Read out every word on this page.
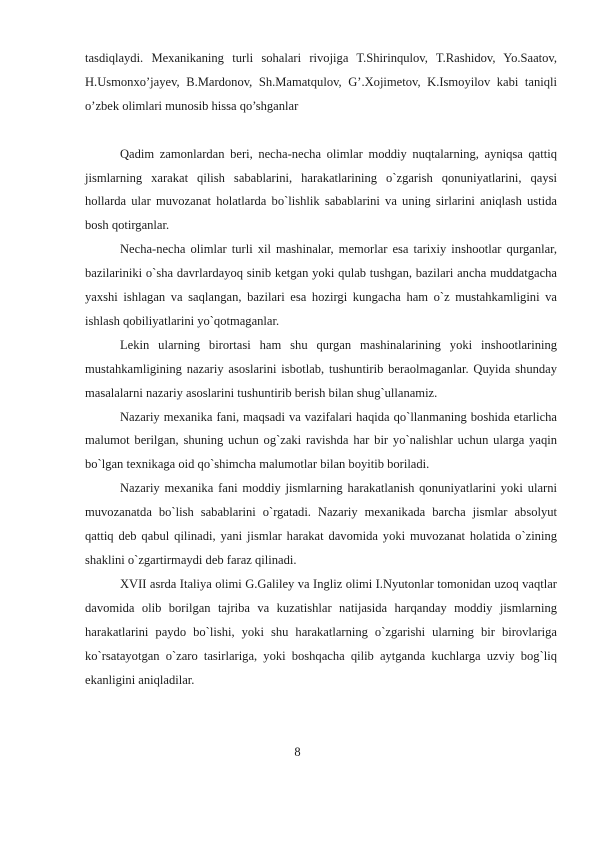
tasdiqlaydi. Mexanikaning turli sohalari rivojiga T.Shirinqulov, T.Rashidov, Yo.Saatov, H.Usmonxo’jayev, B.Mardonov, Sh.Mamatqulov, G’.Xojimetov, K.Ismoyilov kabi taniqli o’zbek olimlari munosib hissa qo’shganlar

Qadim zamonlardan beri, necha-necha olimlar moddiy nuqtalarning, ayniqsa qattiq jismlarning xarakat qilish sabablarini, harakatlarining o`zgarish qonuniyatlarini, qaysi hollarda ular muvozanat holatlarda bo`lishlik sabablarini va uning sirlarini aniqlash ustida bosh qotirganlar.

Necha-necha olimlar turli xil mashinalar, memorlar esa tarixiy inshootlar qurganlar, bazilariniki o`sha davrlardayoq sinib ketgan yoki qulab tushgan, bazilari ancha muddatgacha yaxshi ishlagan va saqlangan, bazilari esa hozirgi kungacha ham o`z mustahkamligini va ishlash qobiliyatlarini yo`qotmaganlar.

Lekin ularning birortasi ham shu qurgan mashinalarining yoki inshootlarining mustahkamligining nazariy asoslarini isbotlab, tushuntirib beraolmaganlar. Quyida shunday masalalarni nazariy asoslarini tushuntirib berish bilan shug`ullanamiz.

Nazariy mexanika fani, maqsadi va vazifalari haqida qo`llanmaning boshida etarlicha malumot berilgan, shuning uchun og`zaki ravishda har bir yo`nalishlar uchun ularga yaqin bo`lgan texnikaga oid qo`shimcha malumotlar bilan boyitib boriladi.

Nazariy mexanika fani moddiy jismlarning harakatlanish qonuniyatlarini yoki ularni muvozanatda bo`lish sabablarini o`rgatadi. Nazariy mexanikada barcha jismlar absolyut qattiq deb qabul qilinadi, yani jismlar harakat davomida yoki muvozanat holatida o`zining shaklini o`zgartirmaydi deb faraz qilinadi.

XVII asrda Italiya olimi G.Galiley va Ingliz olimi I.Nyutonlar tomonidan uzoq vaqtlar davomida olib borilgan tajriba va kuzatishlar natijasida harqanday moddiy jismlarning harakatlarini paydo bo`lishi, yoki shu harakatlarning o`zgarishi ularning bir birovlariga ko`rsatayotgan o`zaro tasirlariga, yoki boshqacha qilib aytganda kuchlarga uzviy bog`liq ekanligini aniqladilar.

8
